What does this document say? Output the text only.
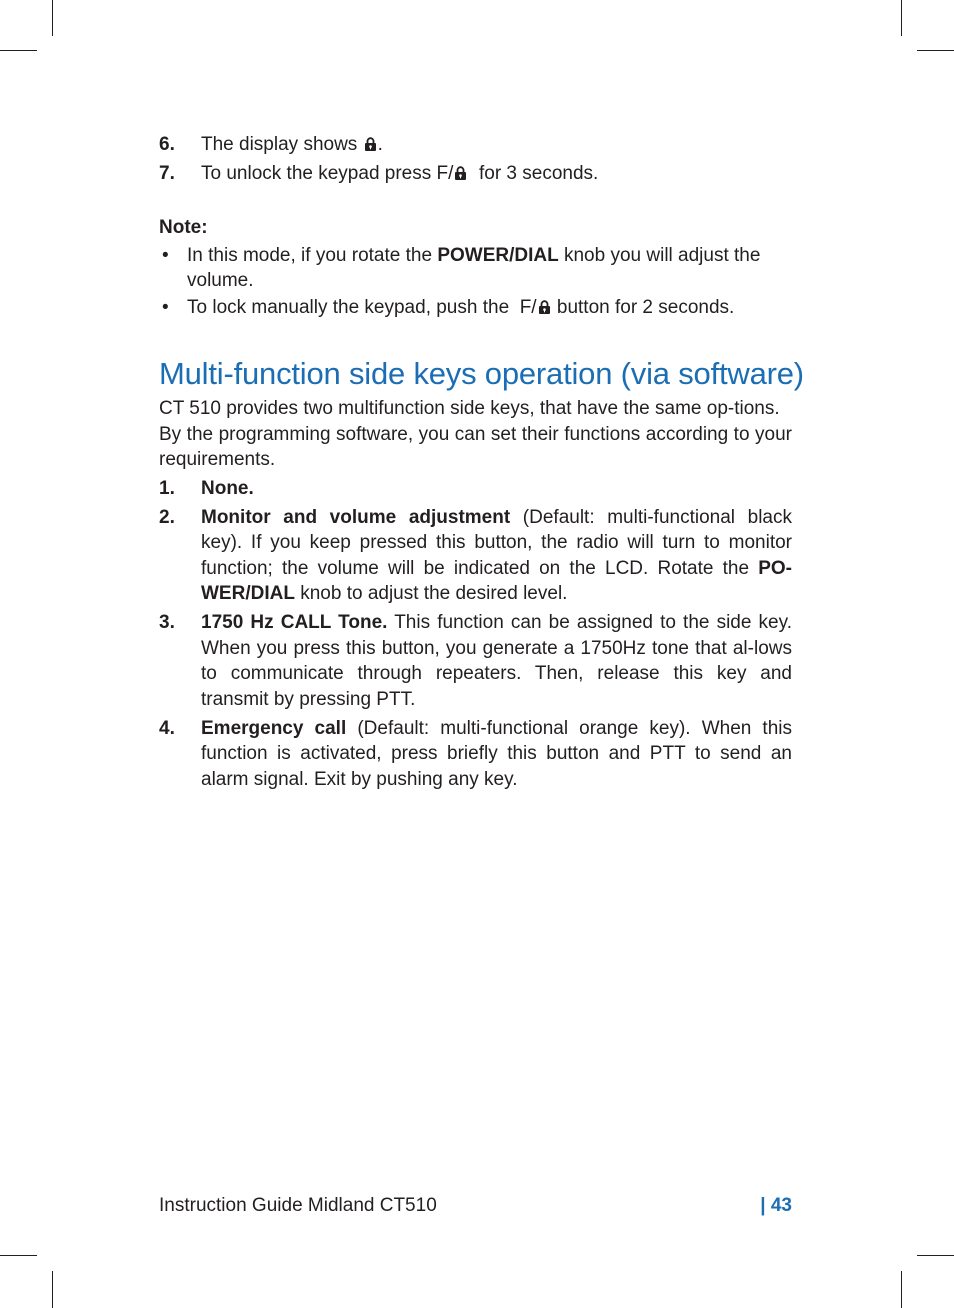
6.	The display shows .
7.	To unlock the keypad press F/  for 3 seconds.
Note:
• In this mode, if you rotate the POWER/DIAL knob you will adjust the volume.
• To lock manually the keypad, push the  F/ button for 2 seconds.
Multi-function side keys operation (via software)

CT 510 provides two multifunction side keys, that have the same op-tions.

By the programming software, you can set their functions according to your requirements.

1.	None.
2.	Monitor and volume adjustment (Default: multi-functional black key). If you keep pressed this button, the radio will turn to monitor function; the volume will be indicated on the LCD. Rotate the PO-WER/DIAL knob to adjust the desired level.
3.	1750 Hz CALL Tone. This function can be assigned to the side key. When you press this button, you generate a 1750Hz tone that al-lows to communicate through repeaters. Then, release this key and transmit by pressing PTT.
4.	Emergency call (Default: multi-functional orange key). When this function is activated, press briefly this button and PTT to send an alarm signal. Exit by pushing any key.
Instruction Guide Midland CT510	| 43
